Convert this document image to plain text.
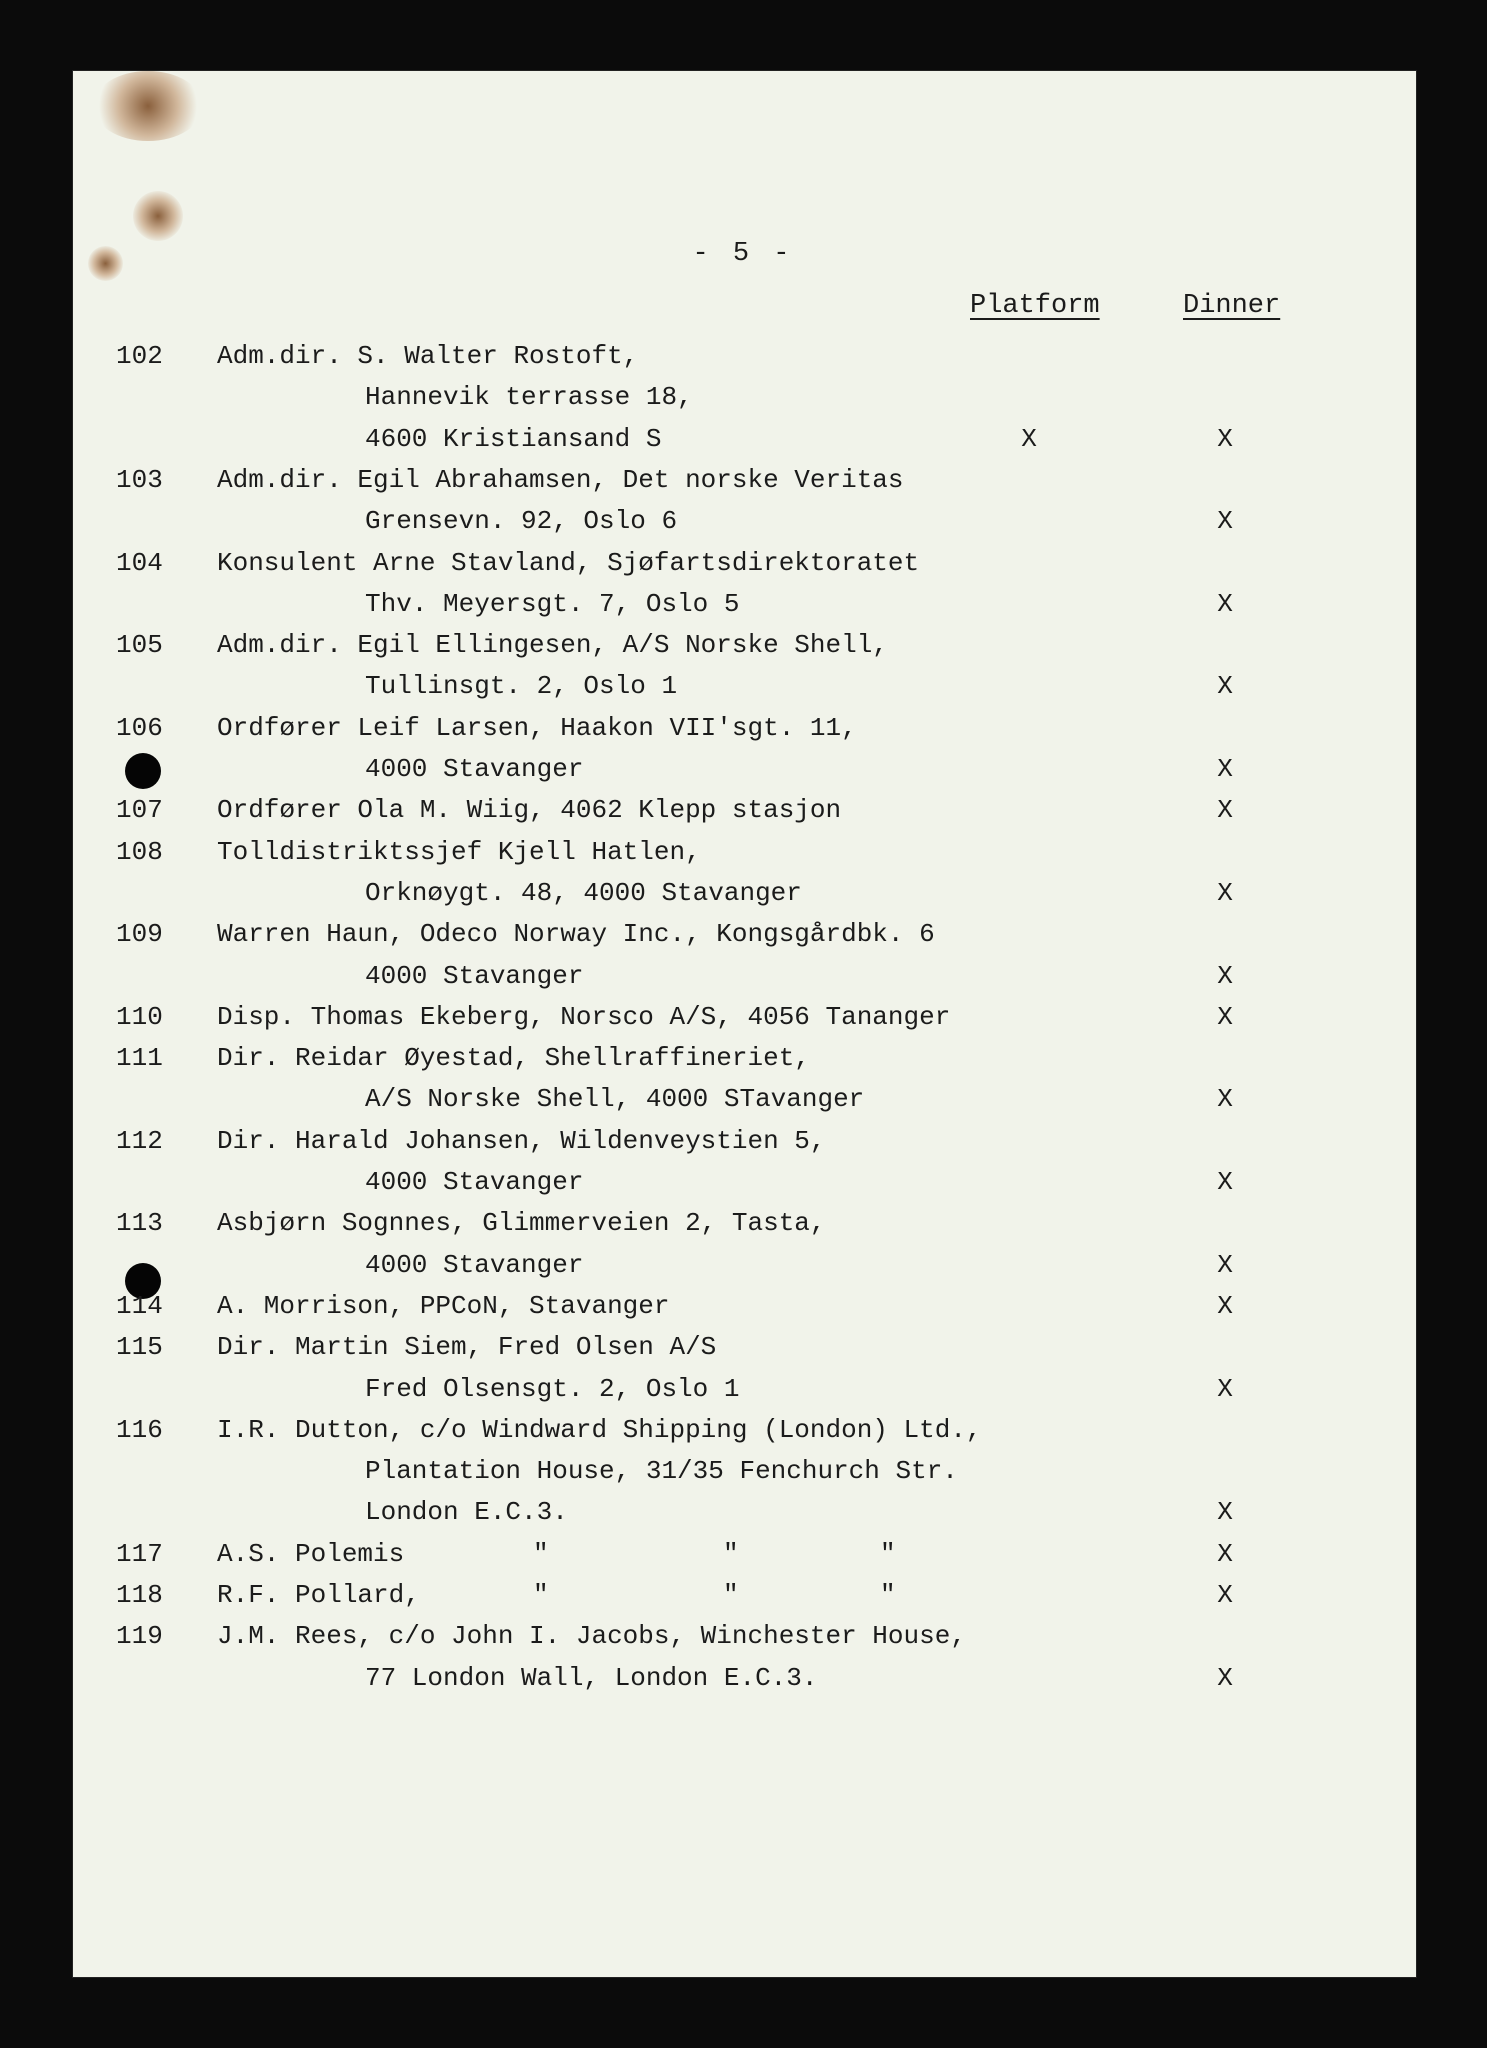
- 5 -
Platform	Dinner
102 Adm.dir. S. Walter Rostoft,
Hannevik terrasse 18,
4600 Kristiansand S	X	X
103 Adm.dir. Egil Abrahamsen, Det norske Veritas
Grensevn. 92, Oslo 6	X
104 Konsulent Arne Stavland, Sjøfartsdirektoratet
Thv. Meyersgt. 7, Oslo 5	X
105 Adm.dir. Egil Ellingesen, A/S Norske Shell,
Tullinsgt. 2, Oslo 1	X
106 Ordfører Leif Larsen, Haakon VII'sgt. 11,
4000 Stavanger	X
107 Ordfører Ola M. Wiig, 4062 Klepp stasjon	X
108 Tolldistriktssjef Kjell Hatlen,
Orknøygt. 48, 4000 Stavanger	X
109 Warren Haun, Odeco Norway Inc., Kongsgårdbk. 6
4000 Stavanger	X
110 Disp. Thomas Ekeberg, Norsco A/S, 4056 Tananger	X
111 Dir. Reidar Øyestad, Shellraffineriet,
A/S Norske Shell, 4000 STavanger	X
112 Dir. Harald Johansen, Wildenveystien 5,
4000 Stavanger	X
113 Asbjørn Sognnes, Glimmerveien 2, Tasta,
4000 Stavanger	X
114 A. Morrison, PPCoN, Stavanger	X
115 Dir. Martin Siem, Fred Olsen A/S
Fred Olsensgt. 2, Oslo 1	X
116 I.R. Dutton, c/o Windward Shipping (London) Ltd.,
Plantation House, 31/35 Fenchurch Str.
London E.C.3.	X
117 A.S. Polemis	"	"	"	X
118 R.F. Pollard,	"	"	"	X
119 J.M. Rees, c/o John I. Jacobs, Winchester House,
77 London Wall, London E.C.3.	X
